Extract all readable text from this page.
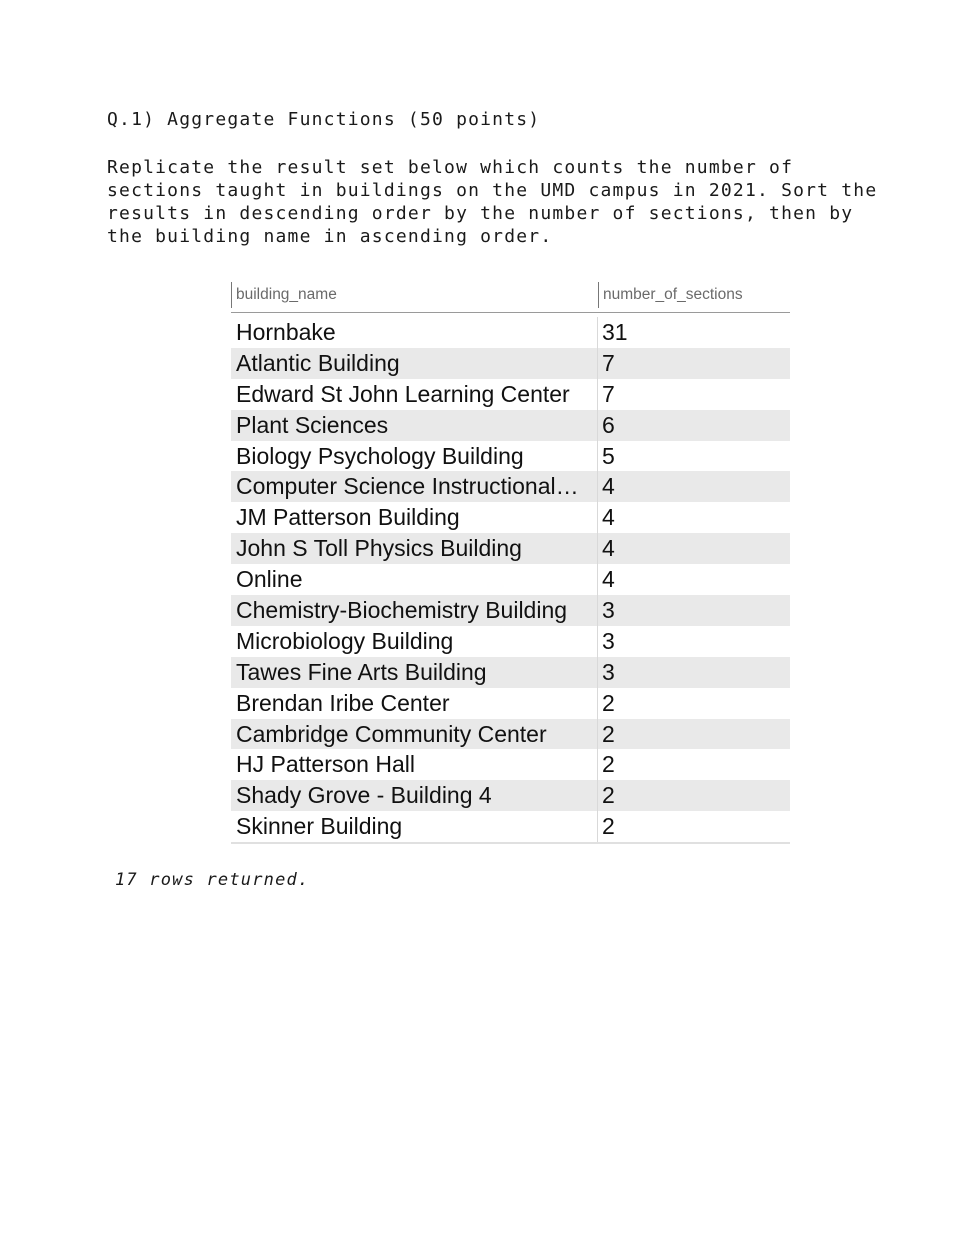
Q.1) Aggregate Functions (50 points)

Replicate the result set below which counts the number of sections taught in buildings on the UMD campus in 2021. Sort the results in descending order by the number of sections, then by the building name in ascending order.

building_name	number_of_sections
Hornbake	31
Atlantic Building	7
Edward St John Learning Center	7
Plant Sciences	6
Biology Psychology Building	5
Computer Science Instructional…	4
JM Patterson Building	4
John S Toll Physics Building	4
Online	4
Chemistry-Biochemistry Building	3
Microbiology Building	3
Tawes Fine Arts Building	3
Brendan Iribe Center	2
Cambridge Community Center	2
HJ Patterson Hall	2
Shady Grove - Building 4	2
Skinner Building	2

17 rows returned.
